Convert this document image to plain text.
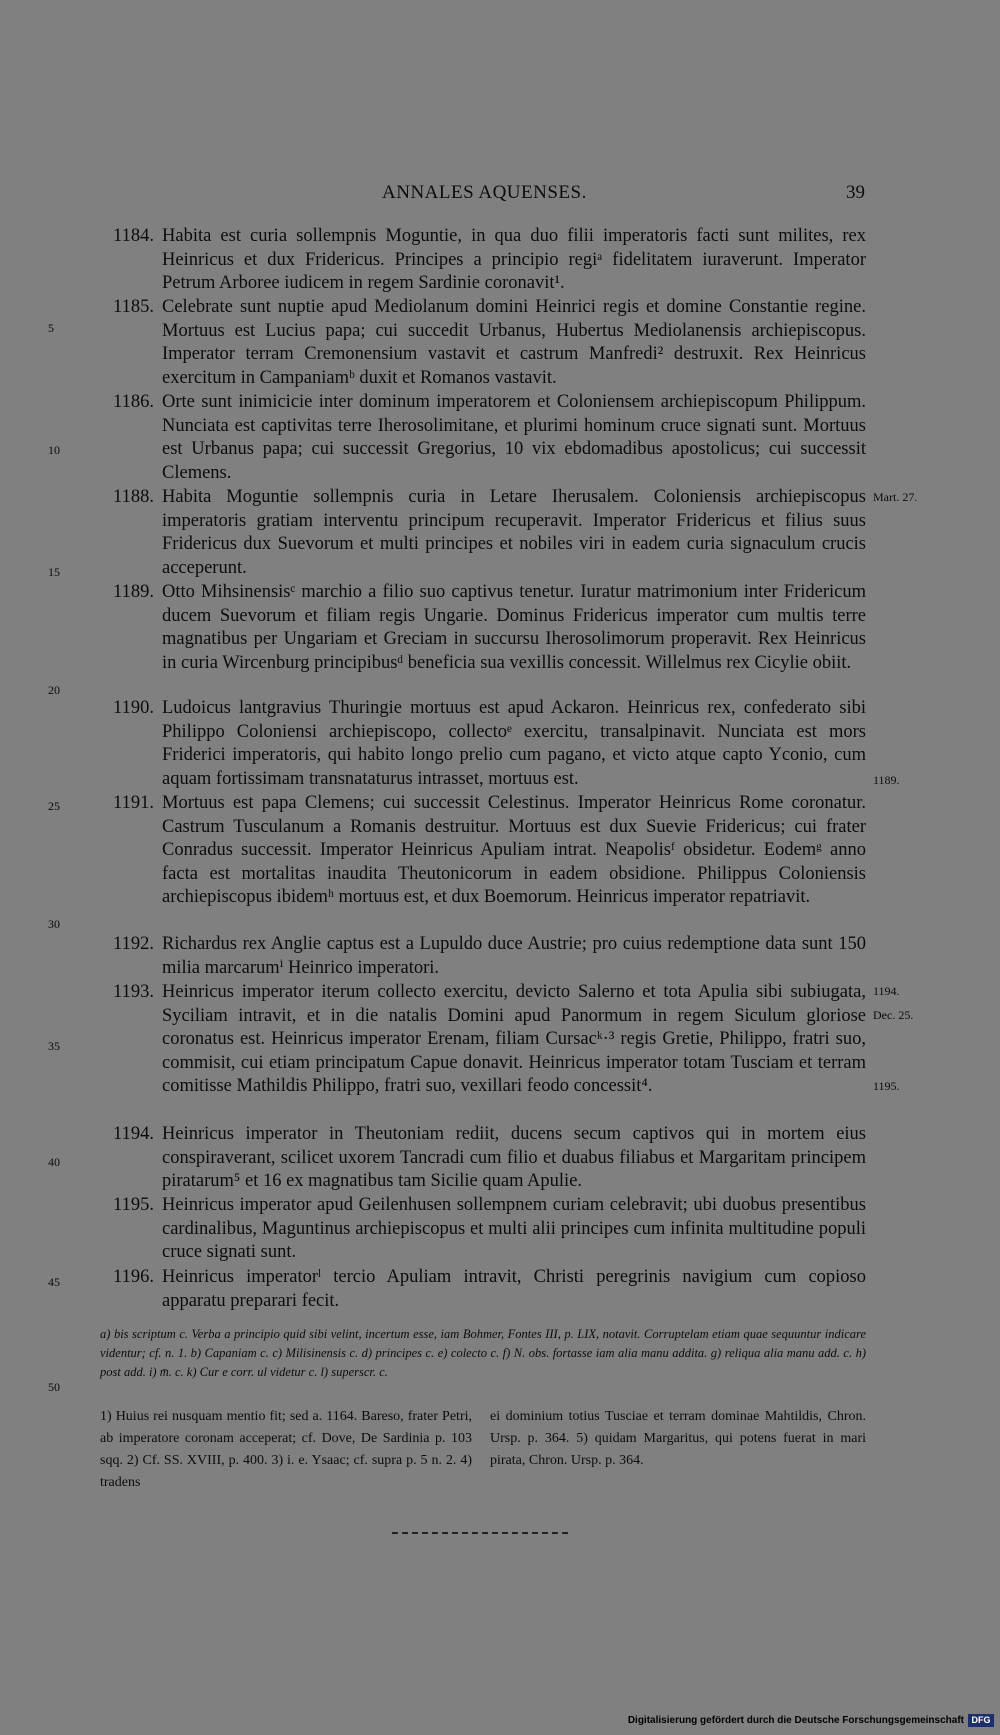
ANNALES AQUENSES.	39
1184. Habita est curia sollempnis Moguntie, in qua duo filii imperatoris facti sunt milites, rex Heinricus et dux Fridericus. Principes a principio regiᵃ fidelitatem iuraverunt. Imperator Petrum Arboree iudicem in regem Sardinie coronavit¹.
1185. Celebrate sunt nuptie apud Mediolanum domini Heinrici regis et domine Constantie regine. Mortuus est Lucius papa; cui succedit Urbanus, Hubertus Mediolanensis archiepiscopus. Imperator terram Cremonensium vastavit et castrum Manfredi² destruxit. Rex Heinricus exercitum in Campaniamᵇ duxit et Romanos vastavit.
1186. Orte sunt inimicicie inter dominum imperatorem et Coloniensem archiepiscopum Philippum. Nunciata est captivitas terre Iherosolimitane, et plurimi hominum cruce signati sunt. Mortuus est Urbanus papa; cui successit Gregorius, 10 vix ebdomadibus apostolicus; cui successit Clemens.
1188. Habita Moguntie sollempnis curia in Letare Iherusalem. Coloniensis archiepiscopus imperatoris gratiam interventu principum recuperavit. Imperator Fridericus et filius suus Fridericus dux Suevorum et multi principes et nobiles viri in eadem curia signaculum crucis acceperunt.
1189. Otto Mihsinensisᶜ marchio a filio suo captivus tenetur. Iuratur matrimonium inter Fridericum ducem Suevorum et filiam regis Ungarie. Dominus Fridericus imperator cum multis terre magnatibus per Ungariam et Greciam in succursu Iherosolimorum properavit. Rex Heinricus in curia Wircenburg principibusᵈ beneficia sua vexillis concessit. Willelmus rex Cicylie obiit.
1190. Ludoicus lantgravius Thuringie mortuus est apud Ackaron. Heinricus rex, confederato sibi Philippo Coloniensi archiepiscopo, collectoᵉ exercitu, transalpinavit. Nunciata est mors Friderici imperatoris, qui habito longo prelio cum pagano, et victo atque capto Yconio, cum aquam fortissimam transnataturus intrasset, mortuus est.
1191. Mortuus est papa Clemens; cui successit Celestinus. Imperator Heinricus Rome coronatur. Castrum Tusculanum a Romanis destruitur. Mortuus est dux Suevie Fridericus; cui frater Conradus successit. Imperator Heinricus Apuliam intrat. Neapolisᶠ obsidetur. Eodemᵍ anno facta est mortalitas inaudita Theutonicorum in eadem obsidione. Philippus Coloniensis archiepiscopus ibidemʰ mortuus est, et dux Boemorum. Heinricus imperator repatriavit.
1192. Richardus rex Anglie captus est a Lupuldo duce Austrie; pro cuius redemptione data sunt 150 milia marcarumⁱ Heinrico imperatori.
1193. Heinricus imperator iterum collecto exercitu, devicto Salerno et tota Apulia sibi subiugata, Syciliam intravit, et in die natalis Domini apud Panormum in regem Siculum gloriose coronatus est. Heinricus imperator Erenam, filiam Cursacᵏ·³ regis Gretie, Philippo, fratri suo, commisit, cui etiam principatum Capue donavit. Heinricus imperator totam Tusciam et terram comitisse Mathildis Philippo, fratri suo, vexillari feodo concessit⁴.
1194. Heinricus imperator in Theutoniam rediit, ducens secum captivos qui in mortem eius conspiraverant, scilicet uxorem Tancradi cum filio et duabus filiabus et Margaritam principem piratarum⁵ et 16 ex magnatibus tam Sicilie quam Apulie.
1195. Heinricus imperator apud Geilenhusen sollempnem curiam celebravit; ubi duobus presentibus cardinalibus, Maguntinus archiepiscopus et multi alii principes cum infinita multitudine populi cruce signati sunt.
1196. Heinricus imperatorˡ tercio Apuliam intravit, Christi peregrinis navigium cum copioso apparatu preparari fecit.
5
10
15
20
25
30
35
40
45
50
Mart. 27.
1189.
1194.
Dec. 25.
1195.
a) bis scriptum c. Verba a principio quid sibi velint, incertum esse, iam Bohmer, Fontes III, p. LIX, notavit. Corruptelam etiam quae sequuntur indicare videntur; cf. n. 1. b) Capaniam c. c) Milisinensis c. d) principes c. e) colecto c. f) N. obs. fortasse iam alia manu addita. g) reliqua alia manu add. c. h) post add. i) m̄. c. k) Cur e corr. ul videtur c. l) superscr. c.
1) Huius rei nusquam mentio fit; sed a. 1164. Bareso, frater Petri, ab imperatore coronam acceperat; cf. Dove, De Sardinia p. 103 sqq. 2) Cf. SS. XVIII, p. 400. 3) i. e. Ysaac; cf. supra p. 5 n. 2. 4) tradens
ei dominium totius Tusciae et terram dominae Mahtildis, Chron. Ursp. p. 364. 5) quidam Margaritus, qui potens fuerat in mari pirata, Chron. Ursp. p. 364.
Digitalisierung gefördert durch die Deutsche Forschungsgemeinschaft DFG
